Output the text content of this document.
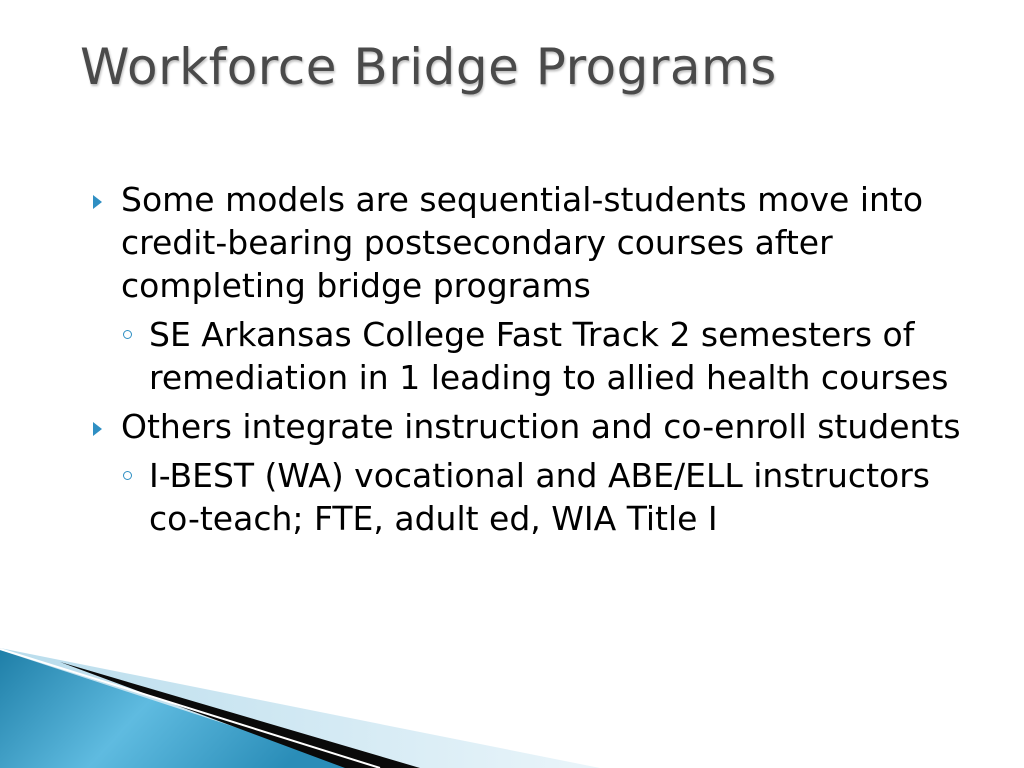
Workforce Bridge Programs
Some models are sequential-students move into credit-bearing postsecondary courses after completing bridge programs
SE Arkansas College Fast Track 2 semesters of remediation in 1 leading to allied health courses
Others integrate instruction and co-enroll students
I-BEST (WA) vocational and ABE/ELL instructors co-teach; FTE, adult ed, WIA Title I
